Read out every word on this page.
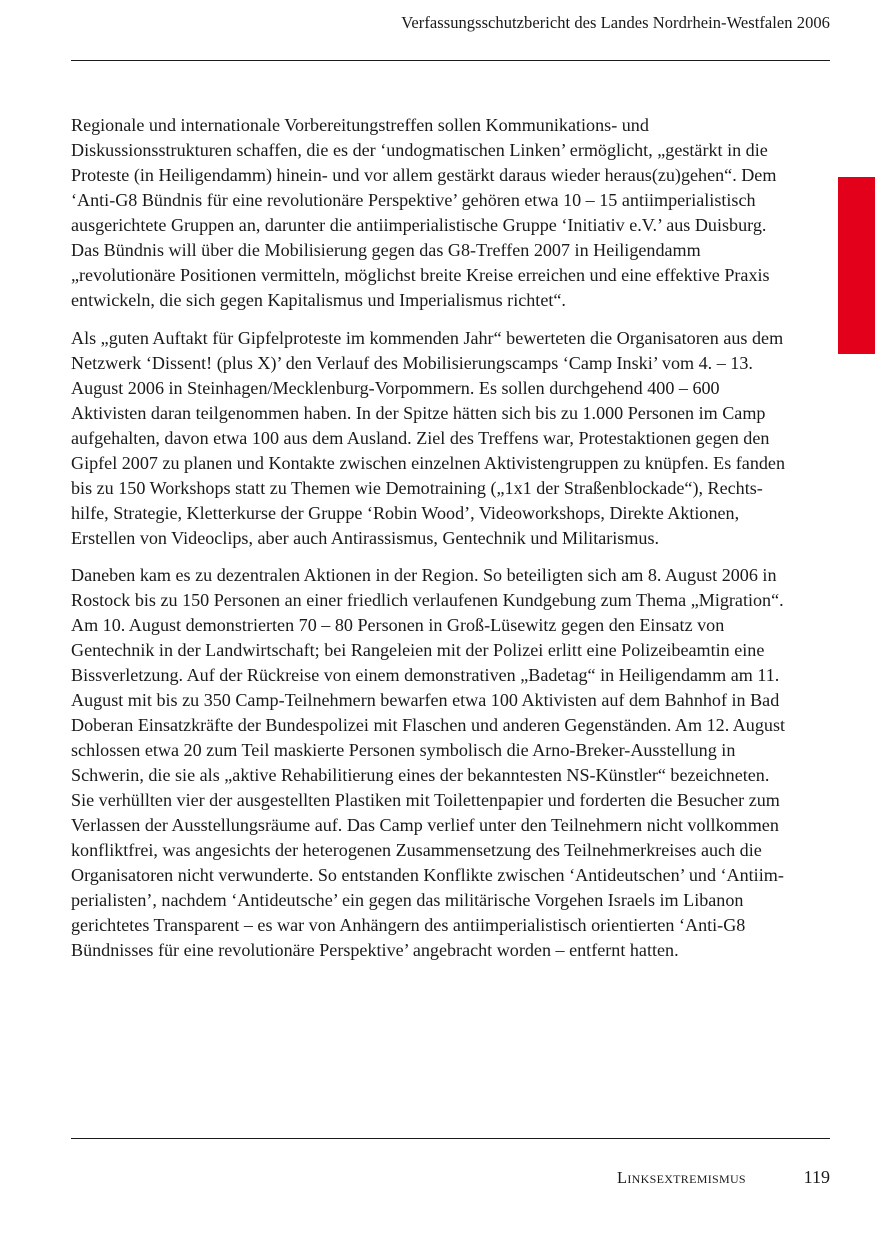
Verfassungsschutzbericht des Landes Nordrhein-Westfalen 2006

Regionale und internationale Vorbereitungstreffen sollen Kommunikations- und Diskussionsstrukturen schaffen, die es der ‘undogmatischen Linken’ ermöglicht, „gestärkt in die Proteste (in Heiligendamm) hinein- und vor allem gestärkt daraus wieder heraus(zu)gehen“. Dem ‘Anti-G8 Bündnis für eine revolutionäre Perspektive’ gehören etwa 10 – 15 antiimperialistisch ausgerichtete Gruppen an, darunter die antiimperialistische Gruppe ‘Initiativ e.V.’ aus Duisburg. Das Bündnis will über die Mobilisierung gegen das G8-Treffen 2007 in Heiligendamm „revolutionäre Positionen vermitteln, möglichst breite Kreise erreichen und eine effektive Praxis entwickeln, die sich gegen Kapitalismus und Imperialismus richtet“.

Als „guten Auftakt für Gipfelproteste im kommenden Jahr“ bewerteten die Organisatoren aus dem Netzwerk ‘Dissent! (plus X)’ den Verlauf des Mobilisierungscamps ‘Camp Inski’ vom 4. – 13. August 2006 in Steinhagen/Mecklenburg-Vorpommern. Es sollen durchgehend 400 – 600 Aktivisten daran teilgenommen haben. In der Spitze hätten sich bis zu 1.000 Personen im Camp aufgehalten, davon etwa 100 aus dem Ausland. Ziel des Treffens war, Protestaktionen gegen den Gipfel 2007 zu planen und Kontakte zwischen einzelnen Aktivistengruppen zu knüpfen. Es fanden bis zu 150 Workshops statt zu Themen wie Demotraining („1x1 der Straßenblockade“), Rechtshilfe, Strategie, Kletterkurse der Gruppe ‘Robin Wood’, Videoworkshops, Direkte Aktionen, Erstellen von Videoclips, aber auch Antirassismus, Gentechnik und Militarismus.

Daneben kam es zu dezentralen Aktionen in der Region. So beteiligten sich am 8. August 2006 in Rostock bis zu 150 Personen an einer friedlich verlaufenen Kundgebung zum Thema „Migration“. Am 10. August demonstrierten 70 – 80 Personen in Groß-Lüsewitz gegen den Einsatz von Gentechnik in der Landwirtschaft; bei Rangeleien mit der Polizei erlitt eine Polizeibeamtin eine Bissverletzung. Auf der Rückreise von einem demonstrativen „Badetag“ in Heiligendamm am 11. August mit bis zu 350 Camp-Teilnehmern bewarfen etwa 100 Aktivisten auf dem Bahnhof in Bad Doberan Einsatzkräfte der Bundespolizei mit Flaschen und anderen Gegenständen. Am 12. August schlossen etwa 20 zum Teil maskierte Personen symbolisch die Arno-Breker-Ausstellung in Schwerin, die sie als „aktive Rehabilitierung eines der bekanntesten NS-Künstler“ bezeichneten. Sie verhüllten vier der ausgestellten Plastiken mit Toilettenpapier und forderten die Besucher zum Verlassen der Ausstellungsräume auf. Das Camp verlief unter den Teilnehmern nicht vollkommen konfliktfrei, was angesichts der heterogenen Zusammensetzung des Teilnehmerkreises auch die Organisatoren nicht verwunderte. So entstanden Konflikte zwischen ‘Antideutschen’ und ‘Antiimperialisten’, nachdem ‘Antideutsche’ ein gegen das militärische Vorgehen Israels im Libanon gerichtetes Transparent – es war von Anhängern des antiimperialistisch orientierten ‘Anti-G8 Bündnisses für eine revolutionäre Perspektive’ angebracht worden – entfernt hatten.

Linksextremismus	119
